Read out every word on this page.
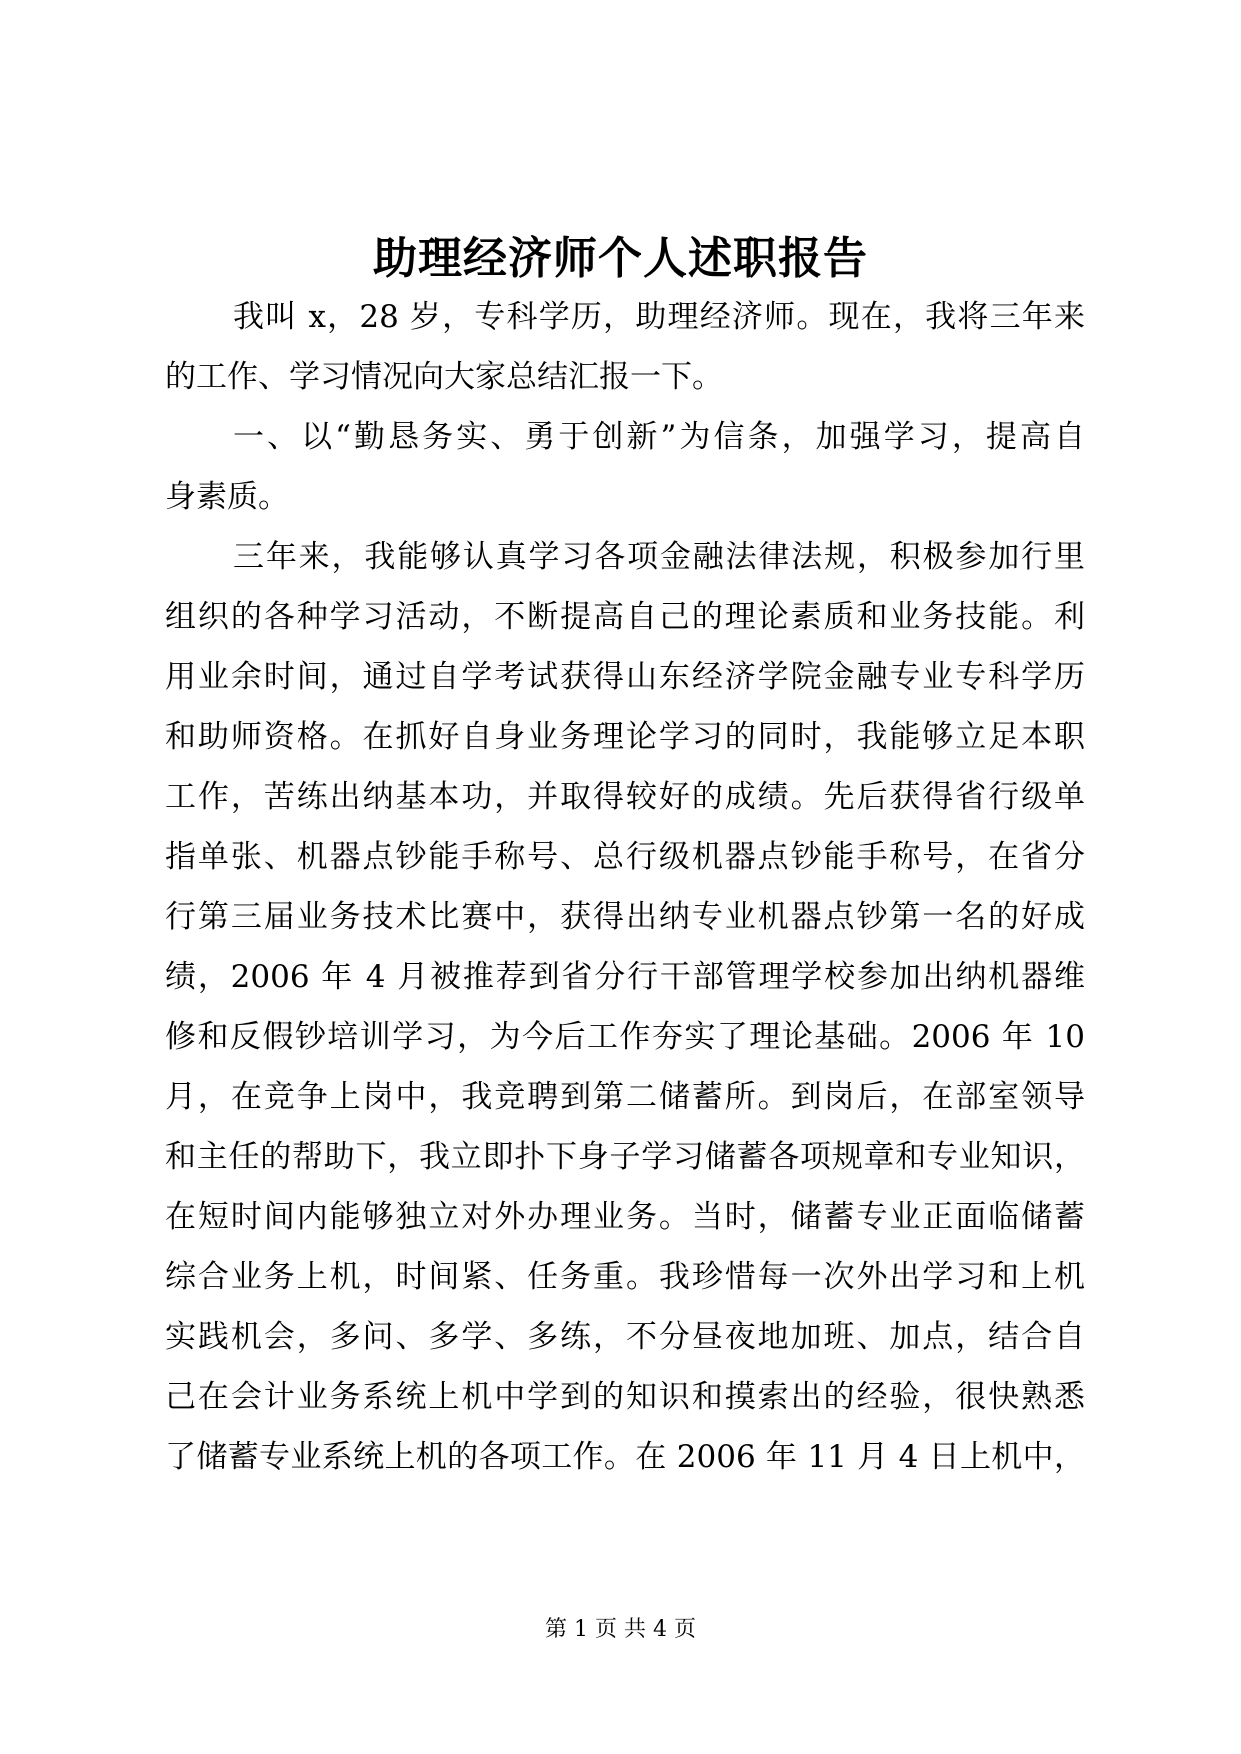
助理经济师个人述职报告
我叫 x，28 岁，专科学历，助理经济师。现在，我将三年来
的工作、学习情况向大家总结汇报一下。
一、以“勤恳务实、勇于创新”为信条，加强学习，提高自
身素质。
三年来，我能够认真学习各项金融法律法规，积极参加行里
组织的各种学习活动，不断提高自己的理论素质和业务技能。利
用业余时间，通过自学考试获得山东经济学院金融专业专科学历
和助师资格。在抓好自身业务理论学习的同时，我能够立足本职
工作，苦练出纳基本功，并取得较好的成绩。先后获得省行级单
指单张、机器点钞能手称号、总行级机器点钞能手称号，在省分
行第三届业务技术比赛中，获得出纳专业机器点钞第一名的好成
绩，2006 年 4 月被推荐到省分行干部管理学校参加出纳机器维
修和反假钞培训学习，为今后工作夯实了理论基础。2006 年 10
月，在竞争上岗中，我竞聘到第二储蓄所。到岗后，在部室领导
和主任的帮助下，我立即扑下身子学习储蓄各项规章和专业知识，
在短时间内能够独立对外办理业务。当时，储蓄专业正面临储蓄
综合业务上机，时间紧、任务重。我珍惜每一次外出学习和上机
实践机会，多问、多学、多练，不分昼夜地加班、加点，结合自
己在会计业务系统上机中学到的知识和摸索出的经验，很快熟悉
了储蓄专业系统上机的各项工作。在 2006 年 11 月 4 日上机中，
第 1 页 共 4 页
